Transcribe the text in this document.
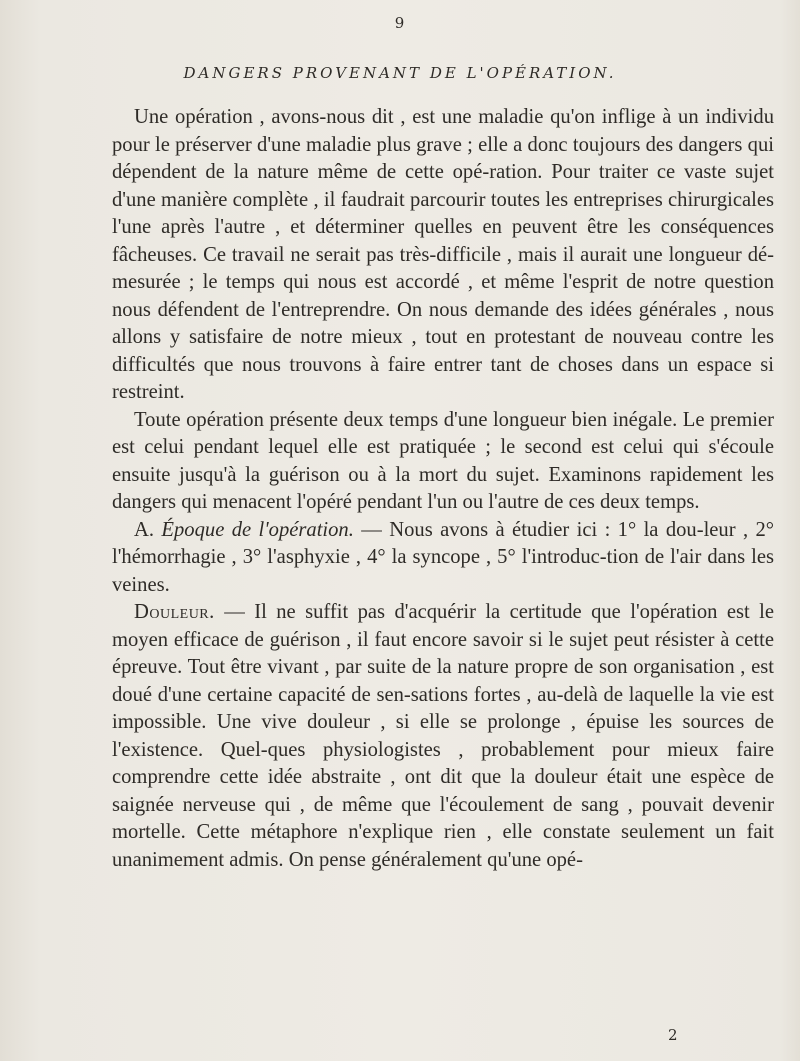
9
DANGERS PROVENANT DE L'OPÉRATION.

Une opération , avons-nous dit , est une maladie qu'on inflige à un individu pour le préserver d'une maladie plus grave ; elle a donc toujours des dangers qui dépendent de la nature même de cette opé-ration. Pour traiter ce vaste sujet d'une manière complète , il faudrait parcourir toutes les entreprises chirurgicales l'une après l'autre , et déterminer quelles en peuvent être les conséquences fâcheuses. Ce travail ne serait pas très-difficile , mais il aurait une longueur dé-mesurée ; le temps qui nous est accordé , et même l'esprit de notre question nous défendent de l'entreprendre. On nous demande des idées générales , nous allons y satisfaire de notre mieux , tout en protestant de nouveau contre les difficultés que nous trouvons à faire entrer tant de choses dans un espace si restreint.

Toute opération présente deux temps d'une longueur bien inégale. Le premier est celui pendant lequel elle est pratiquée ; le second est celui qui s'écoule ensuite jusqu'à la guérison ou à la mort du sujet. Examinons rapidement les dangers qui menacent l'opéré pendant l'un ou l'autre de ces deux temps.

A. Époque de l'opération. — Nous avons à étudier ici : 1° la dou-leur , 2° l'hémorrhagie , 3° l'asphyxie , 4° la syncope , 5° l'introduc-tion de l'air dans les veines.

Douleur. — Il ne suffit pas d'acquérir la certitude que l'opération est le moyen efficace de guérison , il faut encore savoir si le sujet peut résister à cette épreuve. Tout être vivant , par suite de la nature propre de son organisation , est doué d'une certaine capacité de sen-sations fortes , au-delà de laquelle la vie est impossible. Une vive douleur , si elle se prolonge , épuise les sources de l'existence. Quel-ques physiologistes , probablement pour mieux faire comprendre cette idée abstraite , ont dit que la douleur était une espèce de saignée nerveuse qui , de même que l'écoulement de sang , pouvait devenir mortelle. Cette métaphore n'explique rien , elle constate seulement un fait unanimement admis. On pense généralement qu'une opé-

2
